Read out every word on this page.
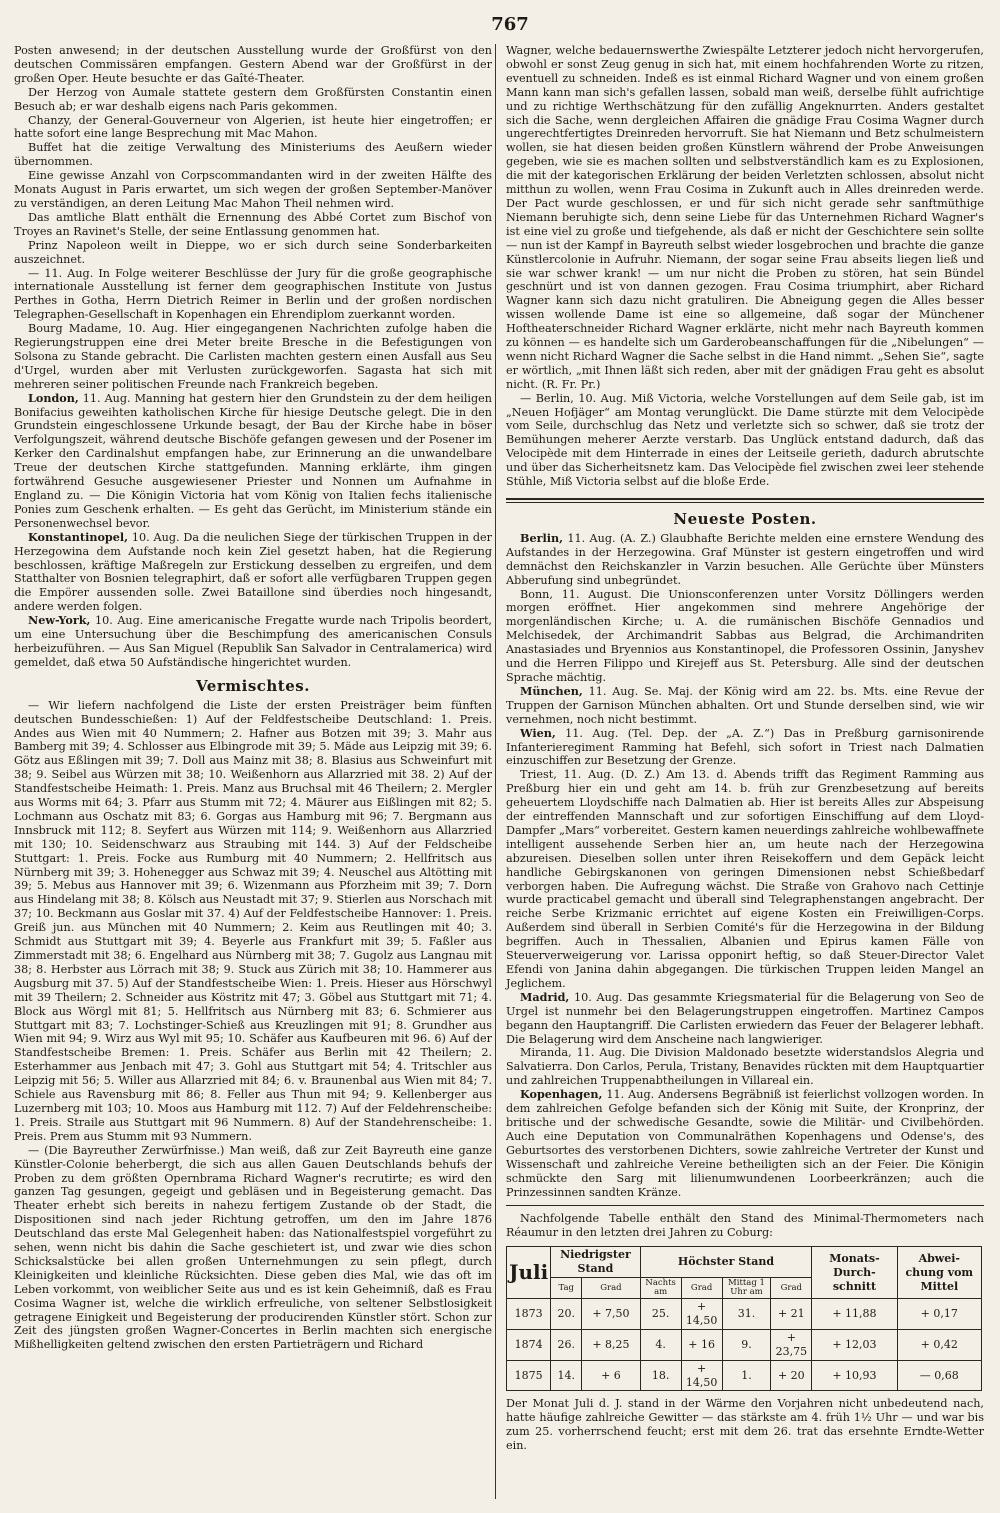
767

Posten anwesend; in der deutschen Ausstellung wurde der Großfürst von den deutschen Commissären empfangen. Gestern Abend war der Großfürst in der großen Oper. Heute besuchte er das Gaîté-Theater.

Der Herzog von Aumale stattete gestern dem Großfürsten Constantin einen Besuch ab; er war deshalb eigens nach Paris gekommen.

Chanzy, der General-Gouverneur von Algerien, ist heute hier eingetroffen; er hatte sofort eine lange Besprechung mit Mac Mahon.

Buffet hat die zeitige Verwaltung des Ministeriums des Aeußern wieder übernommen.

Eine gewisse Anzahl von Corpscommandanten wird in der zweiten Hälfte des Monats August in Paris erwartet, um sich wegen der großen September-Manöver zu verständigen, an deren Leitung Mac Mahon Theil nehmen wird.

Das amtliche Blatt enthält die Ernennung des Abbé Cortet zum Bischof von Troyes an Ravinet's Stelle, der seine Entlassung genommen hat.

Prinz Napoleon weilt in Dieppe, wo er sich durch seine Sonderbarkeiten auszeichnet.

— 11. Aug. In Folge weiterer Beschlüsse der Jury für die große geographische internationale Ausstellung ist ferner dem geographischen Institute von Justus Perthes in Gotha, Herrn Dietrich Reimer in Berlin und der großen nordischen Telegraphen-Gesellschaft in Kopenhagen ein Ehrendiplom zuerkannt worden.

Bourg Madame, 10. Aug. Hier eingegangenen Nachrichten zufolge haben die Regierungstruppen eine drei Meter breite Bresche in die Befestigungen von Solsona zu Stande gebracht. Die Carlisten machten gestern einen Ausfall aus Seu d'Urgel, wurden aber mit Verlusten zurückgeworfen. Sagasta hat sich mit mehreren seiner politischen Freunde nach Frankreich begeben.

London, 11. Aug. Manning hat gestern hier den Grundstein zu der dem heiligen Bonifacius geweihten katholischen Kirche für hiesige Deutsche gelegt. Die in den Grundstein eingeschlossene Urkunde besagt, der Bau der Kirche habe in böser Verfolgungszeit, während deutsche Bischöfe gefangen gewesen und der Posener im Kerker den Cardinalshut empfangen habe, zur Erinnerung an die unwandelbare Treue der deutschen Kirche stattgefunden. Manning erklärte, ihm gingen fortwährend Gesuche ausgewiesener Priester und Nonnen um Aufnahme in England zu. — Die Königin Victoria hat vom König von Italien fechs italienische Ponies zum Geschenk erhalten. — Es geht das Gerücht, im Ministerium stände ein Personenwechsel bevor.

Konstantinopel, 10. Aug. Da die neulichen Siege der türkischen Truppen in der Herzegowina dem Aufstande noch kein Ziel gesetzt haben, hat die Regierung beschlossen, kräftige Maßregeln zur Erstickung desselben zu ergreifen, und dem Statthalter von Bosnien telegraphirt, daß er sofort alle verfügbaren Truppen gegen die Empörer aussenden solle. Zwei Bataillone sind überdies noch hingesandt, andere werden folgen.

New-York, 10. Aug. Eine americanische Fregatte wurde nach Tripolis beordert, um eine Untersuchung über die Beschimpfung des americanischen Consuls herbeizuführen. — Aus San Miguel (Republik San Salvador in Centralamerica) wird gemeldet, daß etwa 50 Aufständische hingerichtet wurden.

Vermischtes.

— Wir liefern nachfolgend die Liste der ersten Preisträger beim fünften deutschen Bundesschießen: 1) Auf der Feldfestscheibe Deutschland: 1. Preis. Andes aus Wien mit 40 Nummern; 2. Hafner aus Botzen mit 39; 3. Mahr aus Bamberg mit 39; 4. Schlosser aus Elbingrode mit 39; 5. Mäde aus Leipzig mit 39; 6. Götz aus Eßlingen mit 39; 7. Doll aus Mainz mit 38; 8. Blasius aus Schweinfurt mit 38; 9. Seibel aus Würzen mit 38; 10. Weißenhorn aus Allarzried mit 38. 2) Auf der Standfestscheibe Heimath: 1. Preis. Manz aus Bruchsal mit 46 Theilern; 2. Mergler aus Worms mit 64; 3. Pfarr aus Stumm mit 72; 4. Mäurer aus Eißlingen mit 82; 5. Lochmann aus Oschatz mit 83; 6. Gorgas aus Hamburg mit 96; 7. Bergmann aus Innsbruck mit 112; 8. Seyfert aus Würzen mit 114; 9. Weißenhorn aus Allarzried mit 130; 10. Seidenschwarz aus Straubing mit 144. 3) Auf der Feldscheibe Stuttgart: 1. Preis. Focke aus Rumburg mit 40 Nummern; 2. Hellfritsch aus Nürnberg mit 39; 3. Hohenegger aus Schwaz mit 39; 4. Neuschel aus Altötting mit 39; 5. Mebus aus Hannover mit 39; 6. Wizenmann aus Pforzheim mit 39; 7. Dorn aus Hindelang mit 38; 8. Kölsch aus Neustadt mit 37; 9. Stierlen aus Norschach mit 37; 10. Beckmann aus Goslar mit 37. 4) Auf der Feldfestscheibe Hannover: 1. Preis. Greiß jun. aus München mit 40 Nummern; 2. Keim aus Reutlingen mit 40; 3. Schmidt aus Stuttgart mit 39; 4. Beyerle aus Frankfurt mit 39; 5. Faßler aus Zimmerstadt mit 38; 6. Engelhard aus Nürnberg mit 38; 7. Gugolz aus Langnau mit 38; 8. Herbster aus Lörrach mit 38; 9. Stuck aus Zürich mit 38; 10. Hammerer aus Augsburg mit 37. 5) Auf der Standfestscheibe Wien: 1. Preis. Hieser aus Hörschwyl mit 39 Theilern; 2. Schneider aus Köstritz mit 47; 3. Göbel aus Stuttgart mit 71; 4. Block aus Wörgl mit 81; 5. Hellfritsch aus Nürnberg mit 83; 6. Schmierer aus Stuttgart mit 83; 7. Lochstinger-Schieß aus Kreuzlingen mit 91; 8. Grundher aus Wien mit 94; 9. Wirz aus Wyl mit 95; 10. Schäfer aus Kaufbeuren mit 96. 6) Auf der Standfestscheibe Bremen: 1. Preis. Schäfer aus Berlin mit 42 Theilern; 2. Esterhammer aus Jenbach mit 47; 3. Gohl aus Stuttgart mit 54; 4. Tritschler aus Leipzig mit 56; 5. Willer aus Allarzried mit 84; 6. v. Braunenbal aus Wien mit 84; 7. Schiele aus Ravensburg mit 86; 8. Feller aus Thun mit 94; 9. Kellenberger aus Luzernberg mit 103; 10. Moos aus Hamburg mit 112. 7) Auf der Feldehrenscheibe: 1. Preis. Straile aus Stuttgart mit 96 Nummern. 8) Auf der Standehrenscheibe: 1. Preis. Prem aus Stumm mit 93 Nummern.

— (Die Bayreuther Zerwürfnisse.) Man weiß, daß zur Zeit Bayreuth eine ganze Künstler-Colonie beherbergt, die sich aus allen Gauen Deutschlands behufs der Proben zu dem größten Opernbrama Richard Wagner's recrutirte; es wird den ganzen Tag gesungen, gegeigt und gebläsen und in Begeisterung gemacht. Das Theater erhebt sich bereits in nahezu fertigem Zustande ob der Stadt, die Dispositionen sind nach jeder Richtung getroffen, um den im Jahre 1876 Deutschland das erste Mal Gelegenheit haben: das Nationalfestspiel vorgeführt zu sehen, wenn nicht bis dahin die Sache geschietert ist, und zwar wie dies schon Schicksalstücke bei allen großen Unternehmungen zu sein pflegt, durch Kleinigkeiten und kleinliche Rücksichten. Diese geben dies Mal, wie das oft im Leben vorkommt, von weiblicher Seite aus und es ist kein Geheimniß, daß es Frau Cosima Wagner ist, welche die wirklich erfreuliche, von seltener Selbstlosigkeit getragene Einigkeit und Begeisterung der producirenden Künstler stört. Schon zur Zeit des jüngsten großen Wagner-Concertes in Berlin machten sich energische Mißhelligkeiten geltend zwischen den ersten Partieträgern und Richard

Wagner, welche bedauernswerthe Zwiespälte Letzterer jedoch nicht hervorgerufen, obwohl er sonst Zeug genug in sich hat, mit einem hochfahrenden Worte zu ritzen, eventuell zu schneiden. Indeß es ist einmal Richard Wagner und von einem großen Mann kann man sich's gefallen lassen, sobald man weiß, derselbe fühlt aufrichtige und zu richtige Werthschätzung für den zufällig Angeknurrten. Anders gestaltet sich die Sache, wenn dergleichen Affairen die gnädige Frau Cosima Wagner durch ungerechtfertigtes Dreinreden hervorruft. Sie hat Niemann und Betz schulmeistern wollen, sie hat diesen beiden großen Künstlern während der Probe Anweisungen gegeben, wie sie es machen sollten und selbstverständlich kam es zu Explosionen, die mit der kategorischen Erklärung der beiden Verletzten schlossen, absolut nicht mitthun zu wollen, wenn Frau Cosima in Zukunft auch in Alles dreinreden werde. Der Pact wurde geschlossen, er und für sich nicht gerade sehr sanftmüthige Niemann beruhigte sich, denn seine Liebe für das Unternehmen Richard Wagner's ist eine viel zu große und tiefgehende, als daß er nicht der Geschichtere sein sollte — nun ist der Kampf in Bayreuth selbst wieder losgebrochen und brachte die ganze Künstlercolonie in Aufruhr. Niemann, der sogar seine Frau abseits liegen ließ und sie war schwer krank! — um nur nicht die Proben zu stören, hat sein Bündel geschnürt und ist von dannen gezogen. Frau Cosima triumphirt, aber Richard Wagner kann sich dazu nicht gratuliren. Die Abneigung gegen die Alles besser wissen wollende Dame ist eine so allgemeine, daß sogar der Münchener Hoftheaterschneider Richard Wagner erklärte, nicht mehr nach Bayreuth kommen zu können — es handelte sich um Garderobeanschaffungen für die „Nibelungen“ — wenn nicht Richard Wagner die Sache selbst in die Hand nimmt. „Sehen Sie“, sagte er wörtlich, „mit Ihnen läßt sich reden, aber mit der gnädigen Frau geht es absolut nicht. (R. Fr. Pr.)

— Berlin, 10. Aug. Miß Victoria, welche Vorstellungen auf dem Seile gab, ist im „Neuen Hofjäger“ am Montag verunglückt. Die Dame stürzte mit dem Velocipède vom Seile, durchschlug das Netz und verletzte sich so schwer, daß sie trotz der Bemühungen meherer Aerzte verstarb. Das Unglück entstand dadurch, daß das Velocipède mit dem Hinterrade in eines der Leitseile gerieth, dadurch abrutschte und über das Sicherheitsnetz kam. Das Velocipède fiel zwischen zwei leer stehende Stühle, Miß Victoria selbst auf die bloße Erde.

Neueste Posten.

Berlin, 11. Aug. (A. Z.) Glaubhafte Berichte melden eine ernstere Wendung des Aufstandes in der Herzegowina. Graf Münster ist gestern eingetroffen und wird demnächst den Reichskanzler in Varzin besuchen. Alle Gerüchte über Münsters Abberufung sind unbegründet.

Bonn, 11. August. Die Unionsconferenzen unter Vorsitz Döllingers werden morgen eröffnet. Hier angekommen sind mehrere Angehörige der morgenländischen Kirche; u. A. die rumänischen Bischöfe Gennadios und Melchisedek, der Archimandrit Sabbas aus Belgrad, die Archimandriten Anastasiades und Bryennios aus Konstantinopel, die Professoren Ossinin, Janyshev und die Herren Filippo und Kirejeff aus St. Petersburg. Alle sind der deutschen Sprache mächtig.

München, 11. Aug. Se. Maj. der König wird am 22. bs. Mts. eine Revue der Truppen der Garnison München abhalten. Ort und Stunde derselben sind, wie wir vernehmen, noch nicht bestimmt.

Wien, 11. Aug. (Tel. Dep. der „A. Z.“) Das in Preßburg garnisonirende Infanterieregiment Ramming hat Befehl, sich sofort in Triest nach Dalmatien einzuschiffen zur Besetzung der Grenze.

Triest, 11. Aug. (D. Z.) Am 13. d. Abends trifft das Regiment Ramming aus Preßburg hier ein und geht am 14. b. früh zur Grenzbesetzung auf bereits geheuertem Lloydschiffe nach Dalmatien ab. Hier ist bereits Alles zur Abspeisung der eintreffenden Mannschaft und zur sofortigen Einschiffung auf dem Lloyd-Dampfer „Mars“ vorbereitet. Gestern kamen neuerdings zahlreiche wohlbewaffnete intelligent aussehende Serben hier an, um heute nach der Herzegowina abzureisen. Dieselben sollen unter ihren Reisekoffern und dem Gepäck leicht handliche Gebirgskanonen von geringen Dimensionen nebst Schießbedarf verborgen haben. Die Aufregung wächst. Die Straße von Grahovo nach Cettinje wurde practicabel gemacht und überall sind Telegraphenstangen angebracht. Der reiche Serbe Krizmanic errichtet auf eigene Kosten ein Freiwilligen-Corps. Außerdem sind überall in Serbien Comité's für die Herzegowina in der Bildung begriffen. Auch in Thessalien, Albanien und Epirus kamen Fälle von Steuerverweigerung vor. Larissa opponirt heftig, so daß Steuer-Director Valet Efendi von Janina dahin abgegangen. Die türkischen Truppen leiden Mangel an Jeglichem.

Madrid, 10. Aug. Das gesammte Kriegsmaterial für die Belagerung von Seo de Urgel ist nunmehr bei den Belagerungstruppen eingetroffen. Martinez Campos begann den Hauptangriff. Die Carlisten erwiedern das Feuer der Belagerer lebhaft. Die Belagerung wird dem Anscheine nach langwieriger.

Miranda, 11. Aug. Die Division Maldonado besetzte widerstandslos Alegria und Salvatierra. Don Carlos, Perula, Tristany, Benavides rückten mit dem Hauptquartier und zahlreichen Truppenabtheilungen in Villareal ein.

Kopenhagen, 11. Aug. Andersens Begräbniß ist feierlichst vollzogen worden. In dem zahlreichen Gefolge befanden sich der König mit Suite, der Kronprinz, der britische und der schwedische Gesandte, sowie die Militär- und Civilbehörden. Auch eine Deputation von Communalräthen Kopenhagens und Odense's, des Geburtsortes des verstorbenen Dichters, sowie zahlreiche Vertreter der Kunst und Wissenschaft und zahlreiche Vereine betheiligten sich an der Feier. Die Königin schmückte den Sarg mit lilienumwundenen Loorbeerkränzen; auch die Prinzessinnen sandten Kränze.

Nachfolgende Tabelle enthält den Stand des Minimal-Thermometers nach Réaumur in den letzten drei Jahren zu Coburg:

Juli	Niedrigster Stand		Höchster Stand				Monats-Durch-schnitt	Abwei-chung vom Mittel
	Tag	Grad	Nachts am	Grad	Mittag 1 Uhr am	Grad		
1873	20.	+ 7,50	25.	+ 14,50	31.	+ 21	+ 11,88	+ 0,17
1874	26.	+ 8,25	4.	+ 16	9.	+ 23,75	+ 12,03	+ 0,42
1875	14.	+ 6	18.	+ 14,50	1.	+ 20	+ 10,93	— 0,68

Der Monat Juli d. J. stand in der Wärme den Vorjahren nicht unbedeutend nach, hatte häufige zahlreiche Gewitter — das stärkste am 4. früh 1½ Uhr — und war bis zum 25. vorherrschend feucht; erst mit dem 26. trat das ersehnte Erndte-Wetter ein.
